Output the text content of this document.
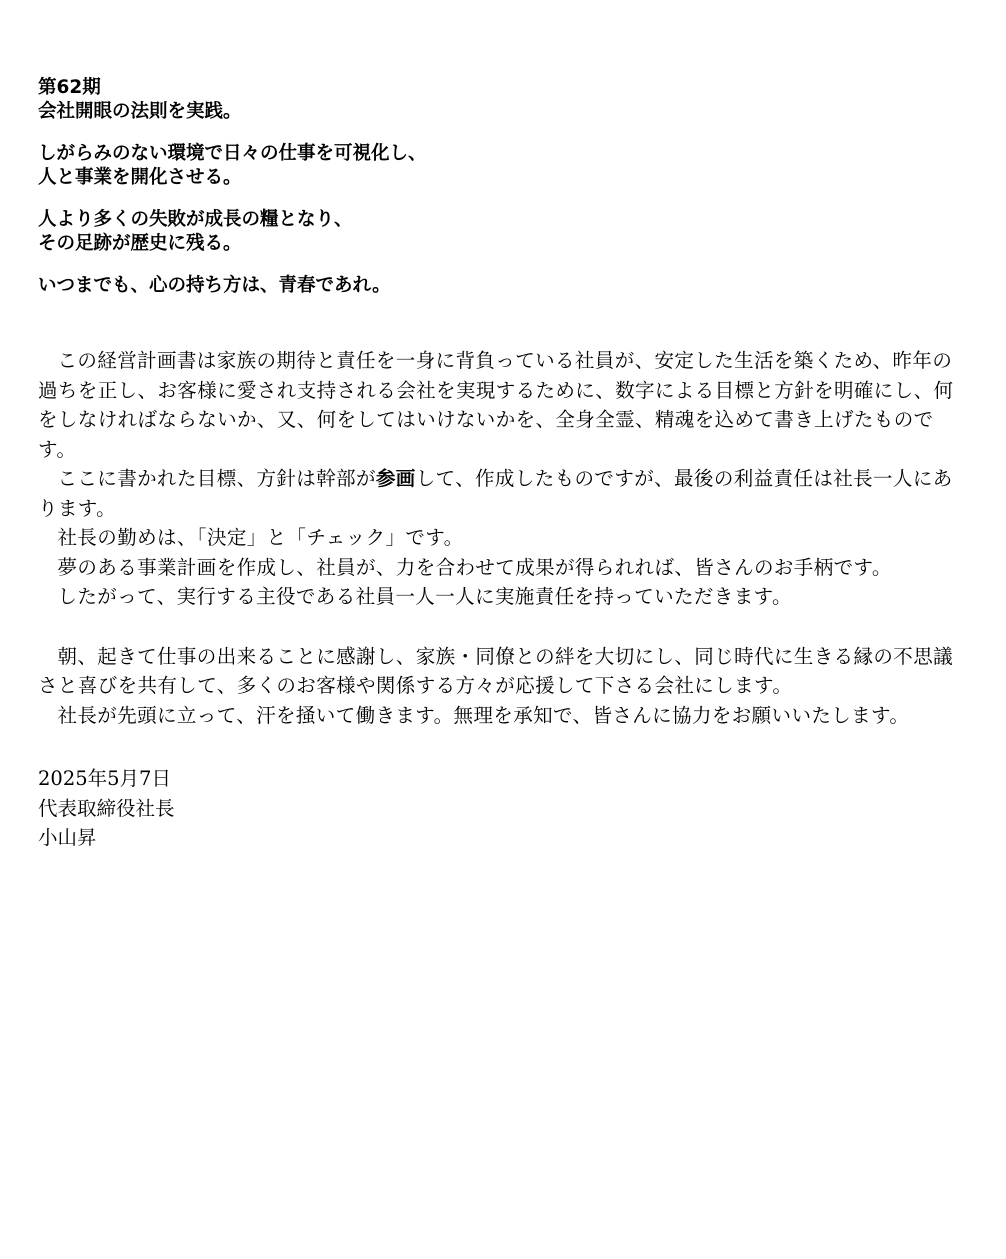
第62期

会社開眼の法則を実践。

しがらみのない環境で日々の仕事を可視化し、

人と事業を開化させる。

人より多くの失敗が成長の糧となり、

その足跡が歴史に残る。

いつまでも、心の持ち方は、青春であれ。

この経営計画書は家族の期待と責任を一身に背負っている社員が、安定した生活を築くため、昨年の過ちを正し、お客様に愛され支持される会社を実現するために、数字による目標と方針を明確にし、何をしなければならないか、又、何をしてはいけないかを、全身全霊、精魂を込めて書き上げたものです。

ここに書かれた目標、方針は幹部が参画して、作成したものですが、最後の利益責任は社長一人にあります。

社長の勤めは、「決定」と「チェック」です。

夢のある事業計画を作成し、社員が、力を合わせて成果が得られれば、皆さんのお手柄です。

したがって、実行する主役である社員一人一人に実施責任を持っていただきます。

朝、起きて仕事の出来ることに感謝し、家族・同僚との絆を大切にし、同じ時代に生きる縁の不思議さと喜びを共有して、多くのお客様や関係する方々が応援して下さる会社にします。

社長が先頭に立って、汗を掻いて働きます。無理を承知で、皆さんに協力をお願いいたします。

2025年5月7日
代表取締役社長
小山昇
